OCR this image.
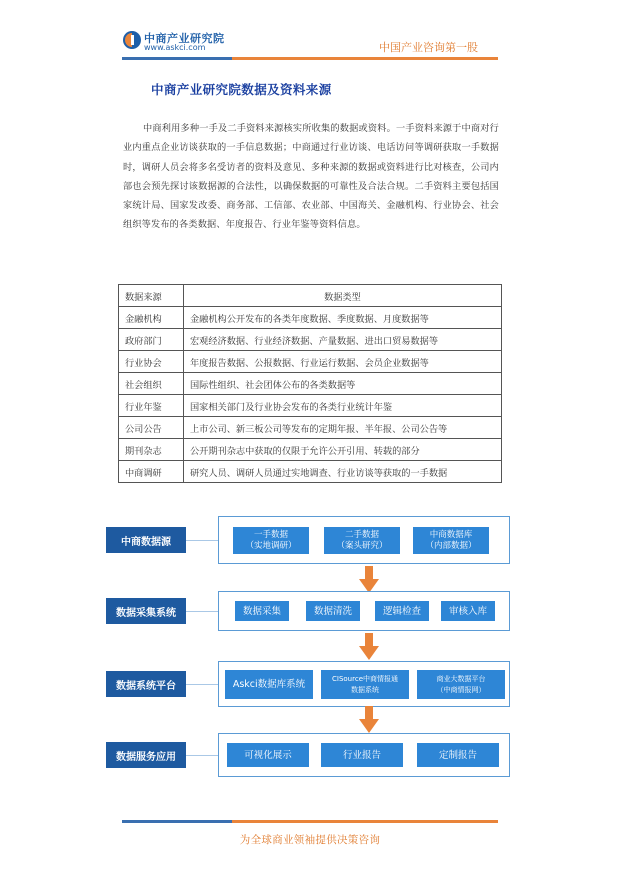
中商产业研究院
www.askci.com	中国产业咨询第一股
中商产业研究院数据及资料来源

中商利用多种一手及二手资料来源核实所收集的数据或资料。一手资料来源于中商对行业内重点企业访谈获取的一手信息数据；中商通过行业访谈、电话访问等调研获取一手数据时，调研人员会将多名受访者的资料及意见、多种来源的数据或资料进行比对核查，公司内部也会预先探讨该数据源的合法性，以确保数据的可靠性及合法合规。二手资料主要包括国家统计局、国家发改委、商务部、工信部、农业部、中国海关、金融机构、行业协会、社会组织等发布的各类数据、年度报告、行业年鉴等资料信息。

数据来源	数据类型
金融机构	金融机构公开发布的各类年度数据、季度数据、月度数据等
政府部门	宏观经济数据、行业经济数据、产量数据、进出口贸易数据等
行业协会	年度报告数据、公报数据、行业运行数据、会员企业数据等
社会组织	国际性组织、社会团体公布的各类数据等
行业年鉴	国家相关部门及行业协会发布的各类行业统计年鉴
公司公告	上市公司、新三板公司等发布的定期年报、半年报、公司公告等
期刊杂志	公开期刊杂志中获取的仅限于允许公开引用、转载的部分
中商调研	研究人员、调研人员通过实地调查、行业访谈等获取的一手数据
中商数据源
一手数据
（实地调研）
二手数据
（案头研究）
中商数据库
（内部数据）
数据采集系统	数据采集	数据清洗	逻辑检查	审核入库
数据系统平台	Askci数据库系统
CISource中商情报通
数据系统
商业大数据平台
（中商情报网）
数据服务应用	可视化展示	行业报告	定制报告
为全球商业领袖提供决策咨询
